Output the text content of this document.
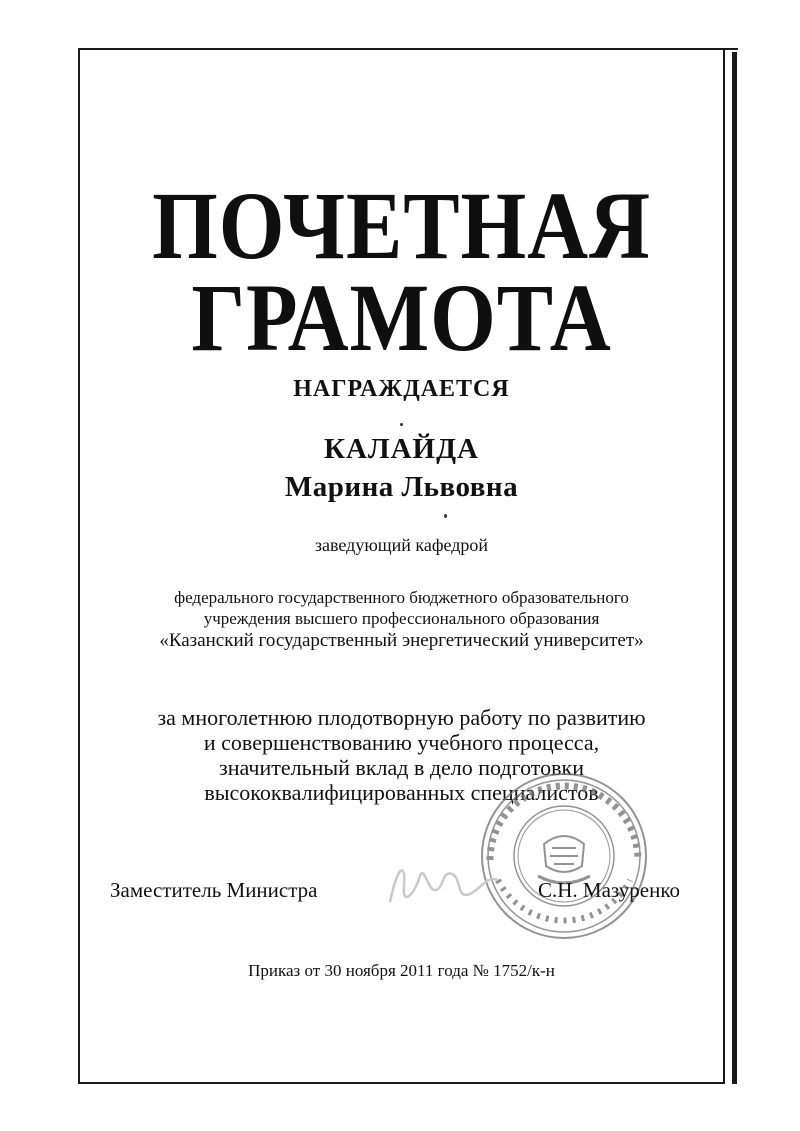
ПОЧЕТНАЯ
ГРАМОТА
НАГРАЖДАЕТСЯ
КАЛАЙДА
Марина Львовна
заведующий кафедрой
федерального государственного бюджетного образовательного
учреждения высшего профессионального образования
«Казанский государственный энергетический университет»
за многолетнюю плодотворную работу по развитию
и совершенствованию учебного процесса,
значительный вклад в дело подготовки
высококвалифицированных специалистов
Заместитель Министра	С.Н. Мазуренко
Приказ от 30 ноября 2011 года № 1752/к-н
